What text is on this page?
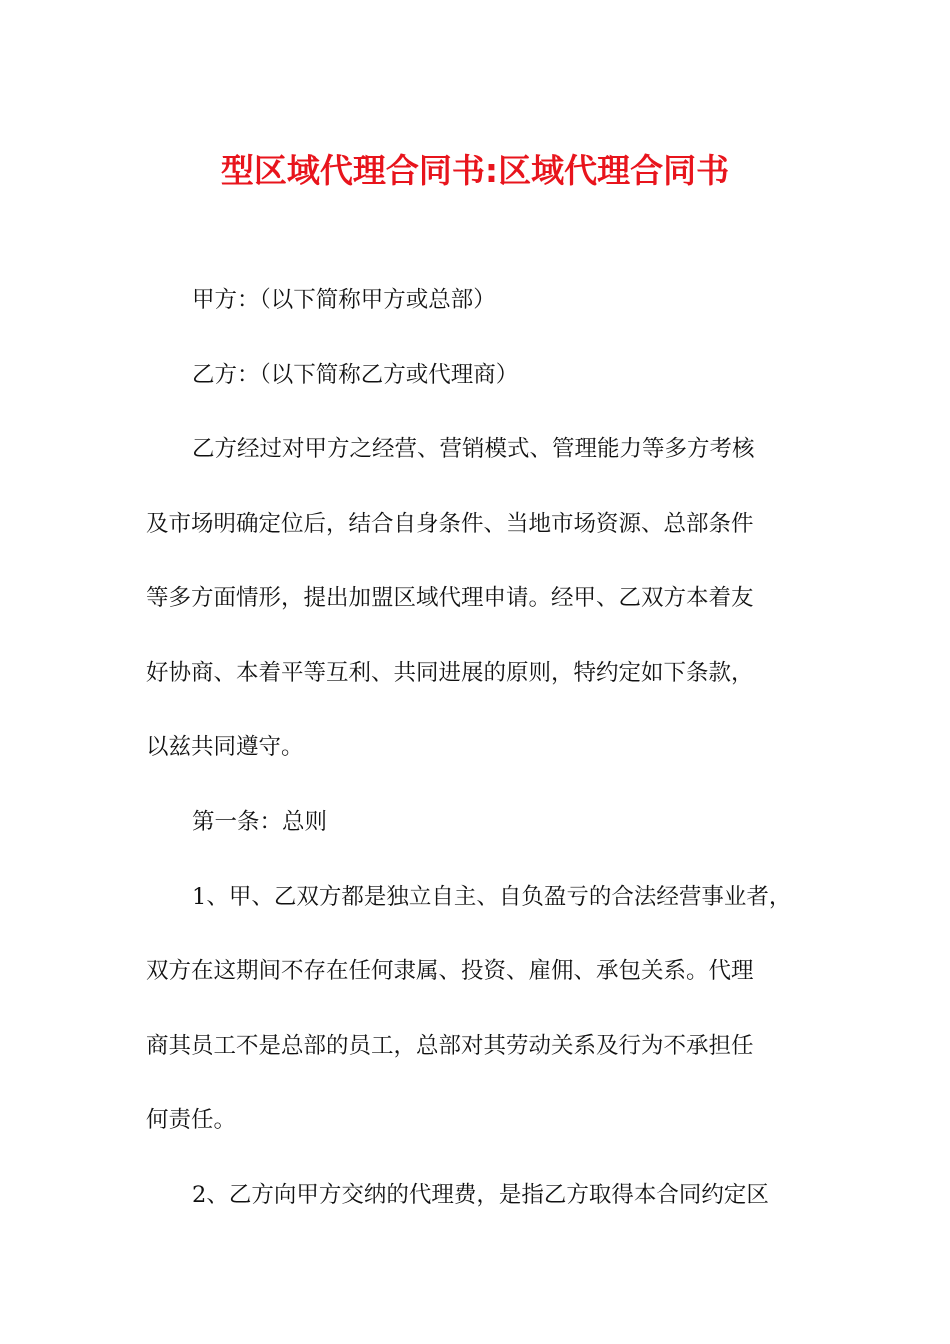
型区域代理合同书:区域代理合同书

甲方：（以下简称甲方或总部）

乙方：（以下简称乙方或代理商）

乙方经过对甲方之经营、营销模式、管理能力等多方考核

及市场明确定位后，结合自身条件、当地市场资源、总部条件

等多方面情形，提出加盟区域代理申请。经甲、乙双方本着友

好协商、本着平等互利、共同进展的原则，特约定如下条款，

以兹共同遵守。

第一条：总则

1、甲、乙双方都是独立自主、自负盈亏的合法经营事业者，

双方在这期间不存在任何隶属、投资、雇佣、承包关系。代理

商其员工不是总部的员工，总部对其劳动关系及行为不承担任

何责任。

2、乙方向甲方交纳的代理费，是指乙方取得本合同约定区
